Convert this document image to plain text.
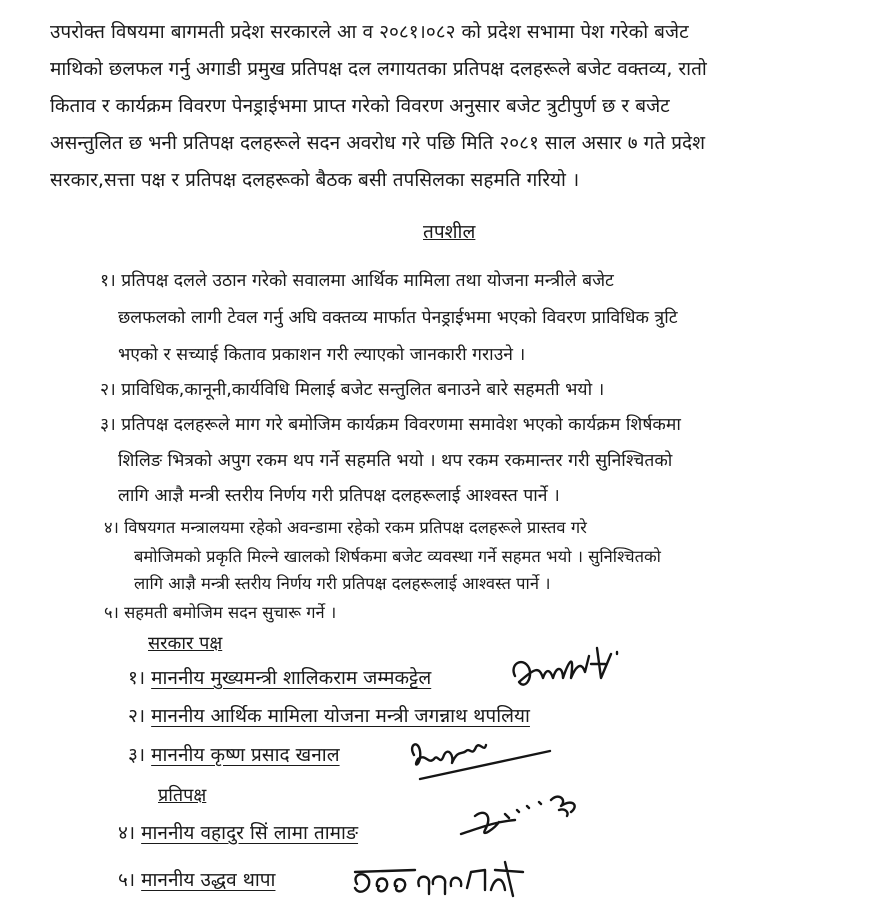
उपरोक्त विषयमा बागमती प्रदेश सरकारले आ व २०८१।०८२ को प्रदेश सभामा पेश गरेको बजेट
माथिको छलफल गर्नु अगाडी प्रमुख प्रतिपक्ष दल लगायतका प्रतिपक्ष दलहरूले बजेट वक्तव्य, रातो
किताव र कार्यक्रम विवरण पेनड्राईभमा प्राप्त गरेको विवरण अनुसार बजेट त्रुटीपुर्ण छ र बजेट
असन्तुलित छ भनी प्रतिपक्ष दलहरूले सदन अवरोध गरे पछि मिति २०८१ साल असार ७ गते प्रदेश
सरकार,सत्ता पक्ष र प्रतिपक्ष दलहरूको बैठक बसी तपसिलका सहमति गरियो ।
तपशील
१। प्रतिपक्ष दलले उठान गरेको सवालमा आर्थिक मामिला तथा योजना मन्त्रीले बजेट
छलफलको लागी टेवल गर्नु अघि वक्तव्य मार्फात पेनड्राईभमा भएको विवरण प्राविधिक त्रुटि
भएको र सच्याई किताव प्रकाशन गरी ल्याएको जानकारी गराउने ।
२। प्राविधिक,कानूनी,कार्यविधि मिलाई बजेट सन्तुलित बनाउने बारे सहमती भयो ।
३। प्रतिपक्ष दलहरूले माग गरे बमोजिम कार्यक्रम विवरणमा समावेश भएको कार्यक्रम शिर्षकमा
शिलिङ भित्रको अपुग रकम थप गर्ने सहमति भयो । थप रकम रकमान्तर गरी सुनिश्चितको
लागि आज्ञै मन्त्री स्तरीय निर्णय गरी प्रतिपक्ष दलहरूलाई आश्वस्त पार्ने ।
४। विषयगत मन्त्रालयमा रहेको अवन्डामा रहेको रकम प्रतिपक्ष दलहरूले प्रास्तव गरे
बमोजिमको प्रकृति मिल्ने खालको शिर्षकमा बजेट व्यवस्था गर्ने सहमत भयो । सुनिश्चितको
लागि आज्ञै मन्त्री स्तरीय निर्णय गरी प्रतिपक्ष दलहरूलाई आश्वस्त पार्ने ।
५। सहमती बमोजिम सदन सुचारू गर्ने ।
सरकार पक्ष
१। माननीय मुख्यमन्त्री शालिकराम जम्मकट्टेल
२। माननीय आर्थिक मामिला योजना मन्त्री जगन्नाथ थपलिया
३। माननीय कृष्ण प्रसाद खनाल
प्रतिपक्ष
४। माननीय वहादुर सिं लामा तामाङ
५। माननीय उद्धव थापा
